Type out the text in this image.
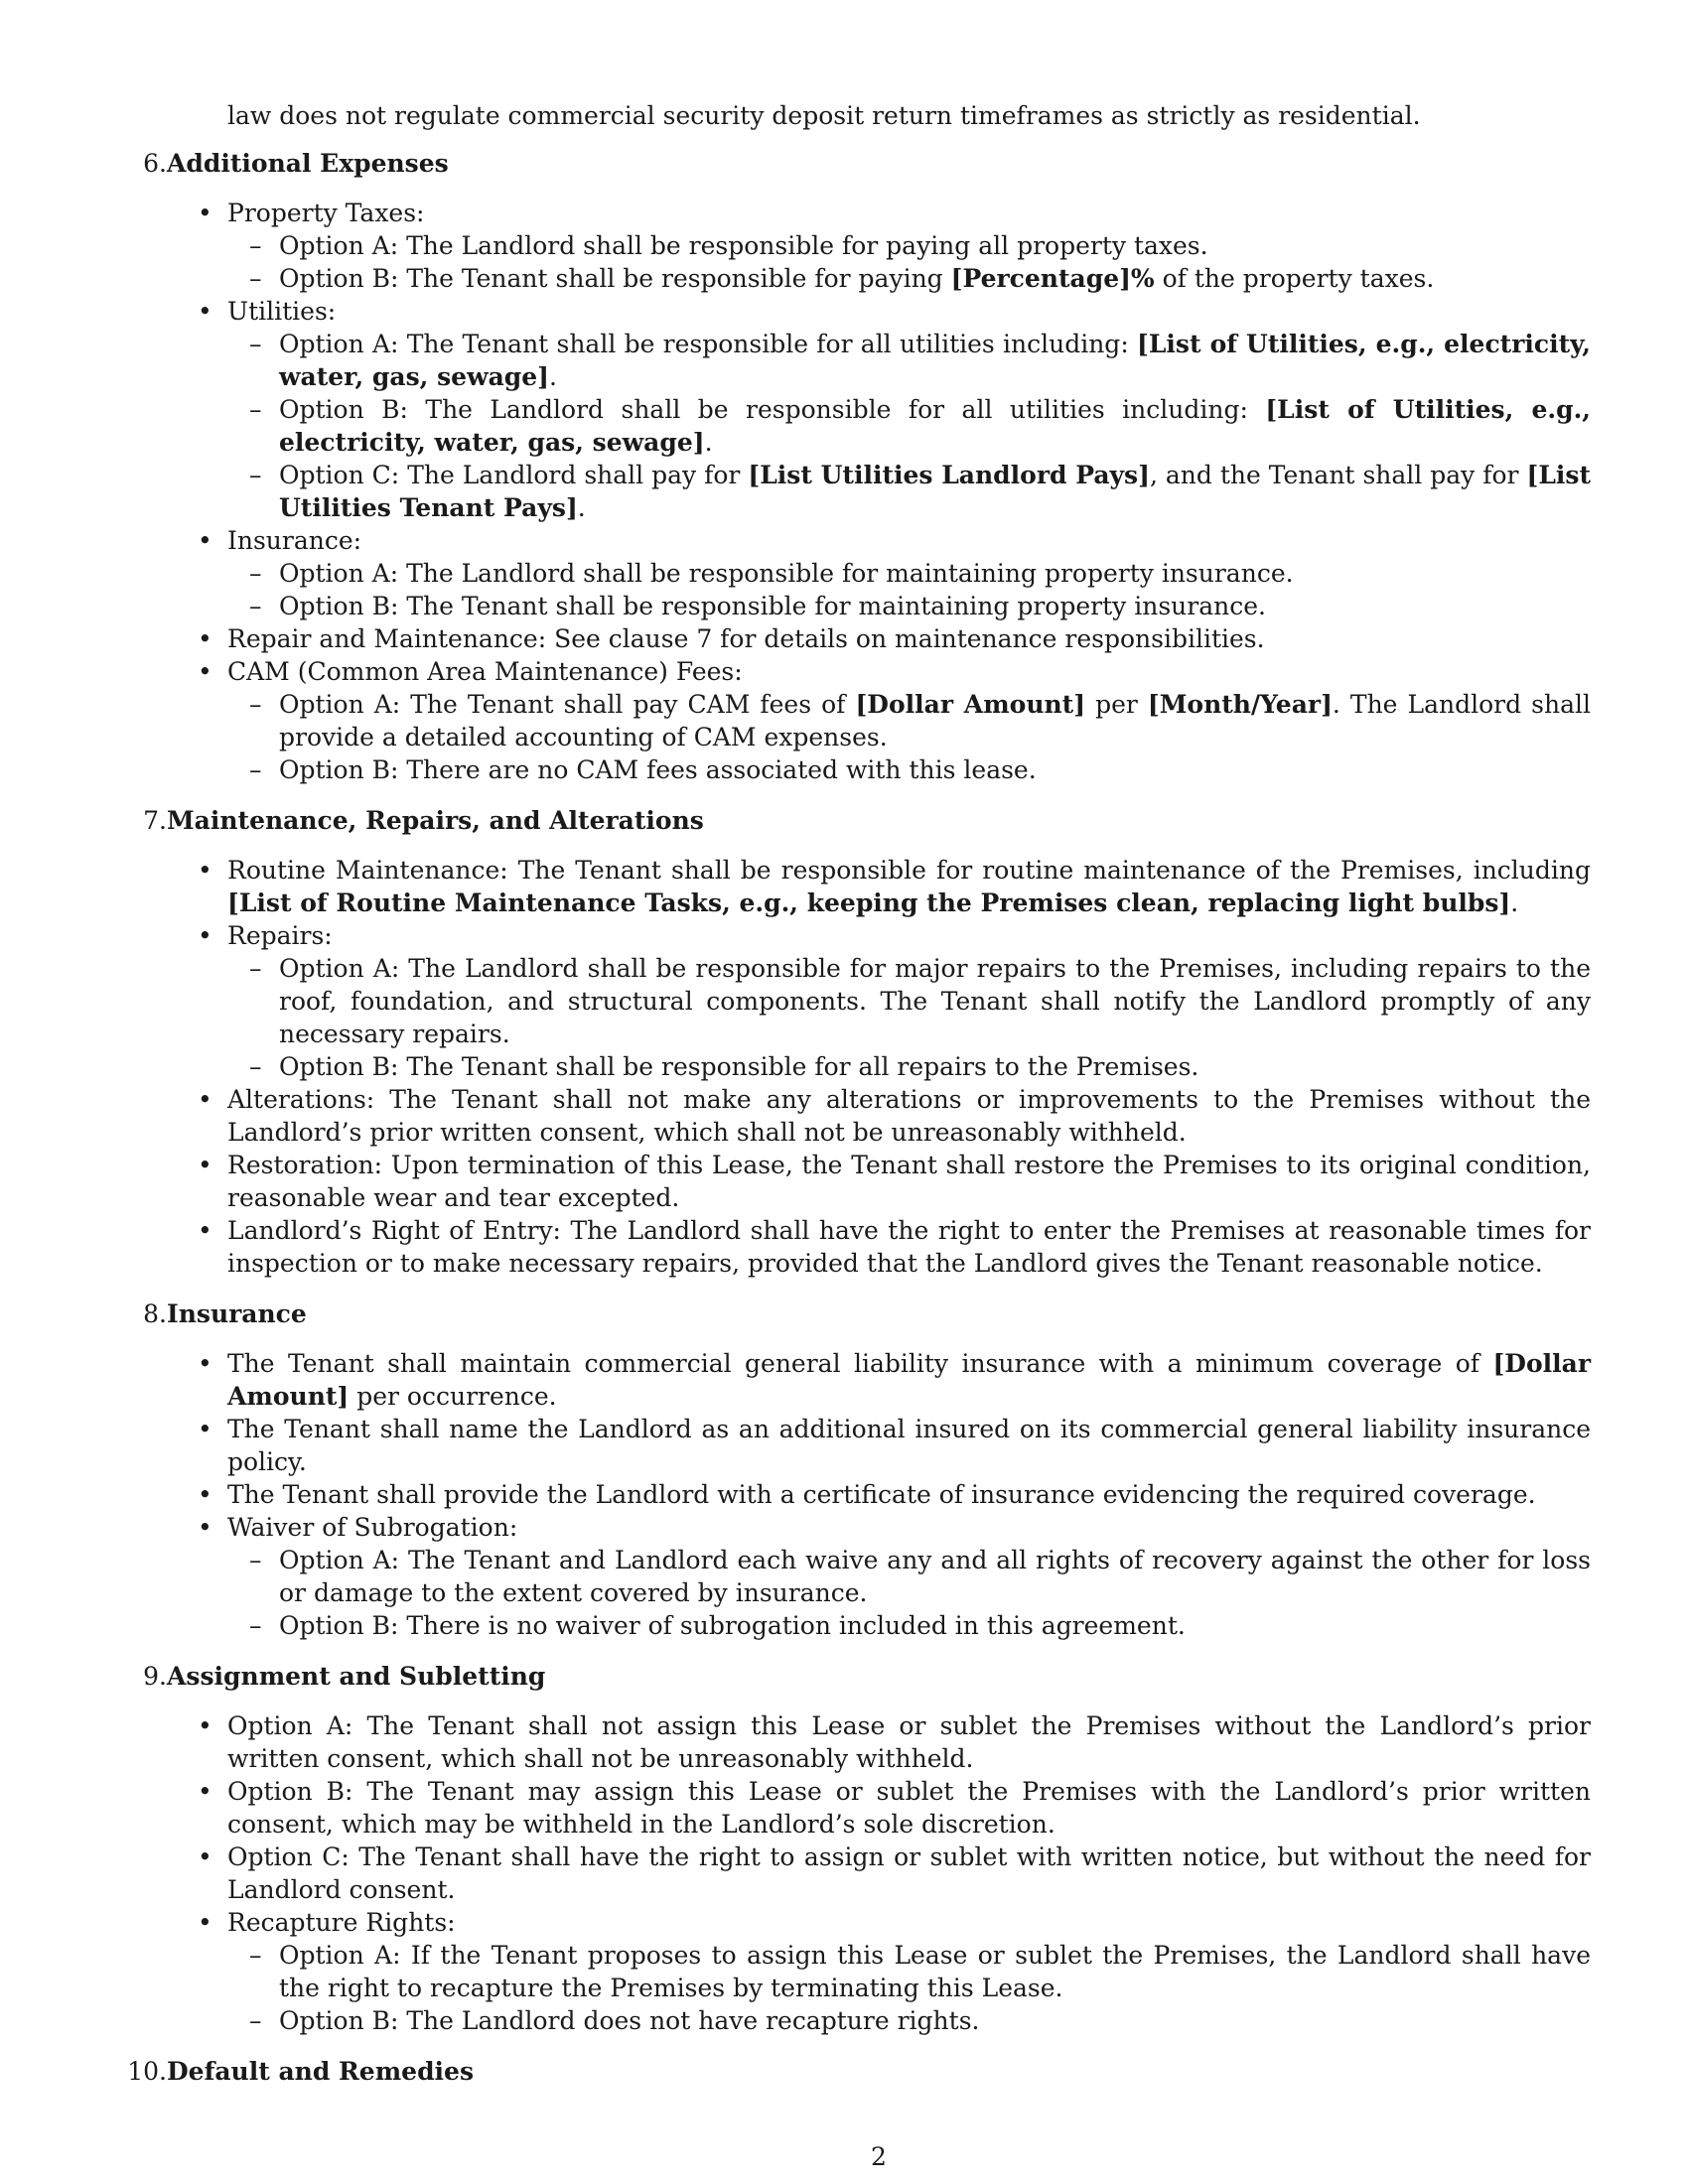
law does not regulate commercial security deposit return timeframes as strictly as residential.

6. Additional Expenses
• Property Taxes:
– Option A: The Landlord shall be responsible for paying all property taxes.
– Option B: The Tenant shall be responsible for paying [Percentage]% of the property taxes.
• Utilities:
– Option A: The Tenant shall be responsible for all utilities including: [List of Utilities, e.g., electricity, water, gas, sewage].
– Option B: The Landlord shall be responsible for all utilities including: [List of Utilities, e.g., electricity, water, gas, sewage].
– Option C: The Landlord shall pay for [List Utilities Landlord Pays], and the Tenant shall pay for [List Utilities Tenant Pays].
• Insurance:
– Option A: The Landlord shall be responsible for maintaining property insurance.
– Option B: The Tenant shall be responsible for maintaining property insurance.
• Repair and Maintenance: See clause 7 for details on maintenance responsibilities.
• CAM (Common Area Maintenance) Fees:
– Option A: The Tenant shall pay CAM fees of [Dollar Amount] per [Month/Year]. The Landlord shall provide a detailed accounting of CAM expenses.
– Option B: There are no CAM fees associated with this lease.
7. Maintenance, Repairs, and Alterations
• Routine Maintenance: The Tenant shall be responsible for routine maintenance of the Premises, including [List of Routine Maintenance Tasks, e.g., keeping the Premises clean, replacing light bulbs].
• Repairs:
– Option A: The Landlord shall be responsible for major repairs to the Premises, including repairs to the roof, foundation, and structural components. The Tenant shall notify the Landlord promptly of any necessary repairs.
– Option B: The Tenant shall be responsible for all repairs to the Premises.
• Alterations: The Tenant shall not make any alterations or improvements to the Premises without the Landlord’s prior written consent, which shall not be unreasonably withheld.
• Restoration: Upon termination of this Lease, the Tenant shall restore the Premises to its original condition, reasonable wear and tear excepted.
• Landlord’s Right of Entry: The Landlord shall have the right to enter the Premises at reasonable times for inspection or to make necessary repairs, provided that the Landlord gives the Tenant reasonable notice.
8. Insurance
• The Tenant shall maintain commercial general liability insurance with a minimum coverage of [Dollar Amount] per occurrence.
• The Tenant shall name the Landlord as an additional insured on its commercial general liability insurance policy.
• The Tenant shall provide the Landlord with a certificate of insurance evidencing the required coverage.
• Waiver of Subrogation:
– Option A: The Tenant and Landlord each waive any and all rights of recovery against the other for loss or damage to the extent covered by insurance.
– Option B: There is no waiver of subrogation included in this agreement.
9. Assignment and Subletting
• Option A: The Tenant shall not assign this Lease or sublet the Premises without the Landlord’s prior written consent, which shall not be unreasonably withheld.
• Option B: The Tenant may assign this Lease or sublet the Premises with the Landlord’s prior written consent, which may be withheld in the Landlord’s sole discretion.
• Option C: The Tenant shall have the right to assign or sublet with written notice, but without the need for Landlord consent.
• Recapture Rights:
– Option A: If the Tenant proposes to assign this Lease or sublet the Premises, the Landlord shall have the right to recapture the Premises by terminating this Lease.
– Option B: The Landlord does not have recapture rights.
10. Default and Remedies
2
